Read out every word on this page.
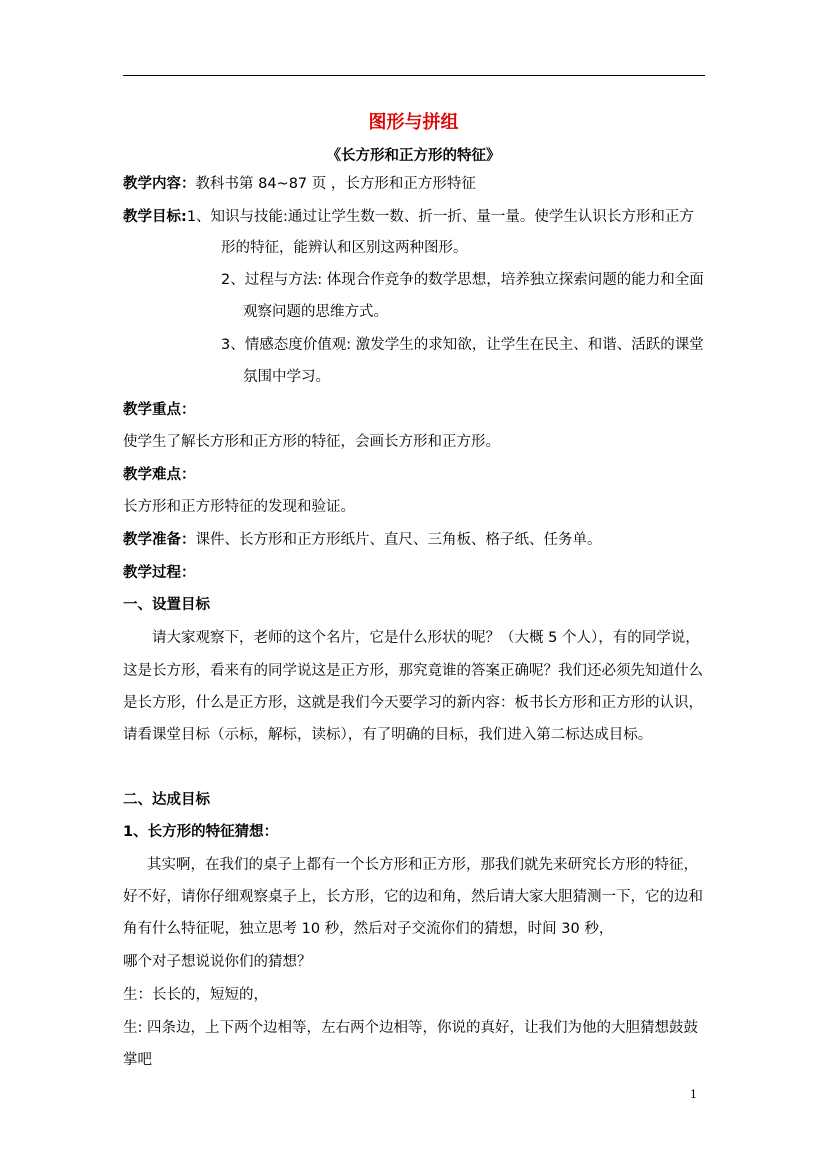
图形与拼组
《长方形和正方形的特征》
教学内容：教科书第 84~87 页 ，长方形和正方形特征
教学目标:1、知识与技能:通过让学生数一数、折一折、量一量。使学生认识长方形和正方
形的特征，能辨认和区别这两种图形。
2、过程与方法: 体现合作竞争的数学思想，培养独立探索问题的能力和全面
观察问题的思维方式。
3、情感态度价值观: 激发学生的求知欲，让学生在民主、和谐、活跃的课堂
氛围中学习。
教学重点：
使学生了解长方形和正方形的特征，会画长方形和正方形。
教学难点：
长方形和正方形特征的发现和验证。
教学准备：课件、长方形和正方形纸片、直尺、三角板、格子纸、任务单。
教学过程：
一、设置目标
请大家观察下，老师的这个名片，它是什么形状的呢？（大概 5 个人），有的同学说，
这是长方形，看来有的同学说这是正方形，那究竟谁的答案正确呢？我们还必须先知道什么
是长方形，什么是正方形，这就是我们今天要学习的新内容：板书长方形和正方形的认识，
请看课堂目标（示标，解标，读标），有了明确的目标，我们进入第二标达成目标。
二、达成目标
1、长方形的特征猜想：
其实啊，在我们的桌子上都有一个长方形和正方形，那我们就先来研究长方形的特征，
好不好，请你仔细观察桌子上，长方形，它的边和角，然后请大家大胆猜测一下，它的边和
角有什么特征呢，独立思考 10 秒，然后对子交流你们的猜想，时间 30 秒，
哪个对子想说说你们的猜想？
生：长长的，短短的，
生: 四条边，上下两个边相等，左右两个边相等，你说的真好，让我们为他的大胆猜想鼓鼓
掌吧
1
